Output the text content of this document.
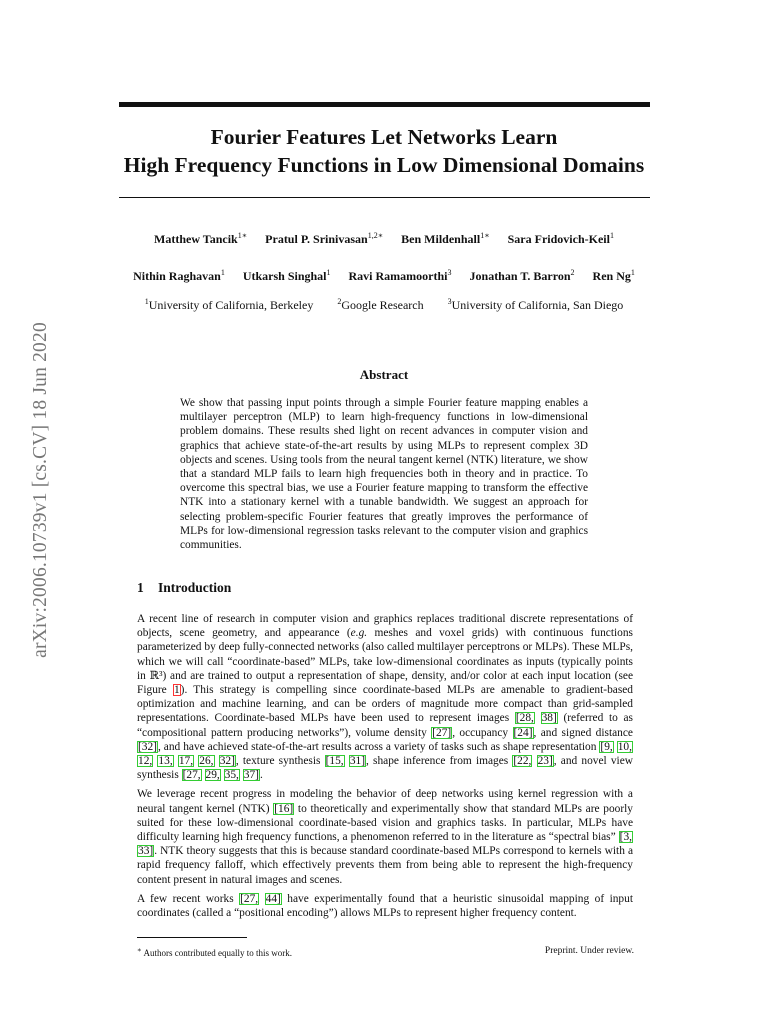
Fourier Features Let Networks Learn
High Frequency Functions in Low Dimensional Domains
Matthew Tancik$^{1∗}$ Pratul P. Srinivasan$^{1,2∗}$ Ben Mildenhall$^{1∗}$ Sara Fridovich-Keil$^1$
Nithin Raghavan$^1$ Utkarsh Singhal$^1$ Ravi Ramamoorthi$^3$ Jonathan T. Barron$^2$ Ren Ng$^1$
$^1$University of California, Berkeley	$^2$Google Research	$^3$University of California, San Diego
Abstract
We show that passing input points through a simple Fourier feature mapping enables a multilayer perceptron (MLP) to learn high-frequency functions in low-dimensional problem domains. These results shed light on recent advances in computer vision and graphics that achieve state-of-the-art results by using MLPs to represent complex 3D objects and scenes. Using tools from the neural tangent kernel (NTK) literature, we show that a standard MLP fails to learn high frequencies both in theory and in practice. To overcome this spectral bias, we use a Fourier feature mapping to transform the effective NTK into a stationary kernel with a tunable bandwidth. We suggest an approach for selecting problem-specific Fourier features that greatly improves the performance of MLPs for low-dimensional regression tasks relevant to the computer vision and graphics communities.
1 Introduction

A recent line of research in computer vision and graphics replaces traditional discrete representations of objects, scene geometry, and appearance (e.g. meshes and voxel grids) with continuous functions parameterized by deep fully-connected networks (also called multilayer perceptrons or MLPs). These MLPs, which we will call “coordinate-based” MLPs, take low-dimensional coordinates as inputs (typically points in ℝ³) and are trained to output a representation of shape, density, and/or color at each input location (see Figure 1). This strategy is compelling since coordinate-based MLPs are amenable to gradient-based optimization and machine learning, and can be orders of magnitude more compact than grid-sampled representations. Coordinate-based MLPs have been used to represent images [28, 38] (referred to as “compositional pattern producing networks”), volume density [27], occupancy [24], and signed distance [32], and have achieved state-of-the-art results across a variety of tasks such as shape representation [9, 10, 12, 13, 17, 26, 32], texture synthesis [15, 31], shape inference from images [22, 23], and novel view synthesis [27, 29, 35, 37].

We leverage recent progress in modeling the behavior of deep networks using kernel regression with a neural tangent kernel (NTK) [16] to theoretically and experimentally show that standard MLPs are poorly suited for these low-dimensional coordinate-based vision and graphics tasks. In particular, MLPs have difficulty learning high frequency functions, a phenomenon referred to in the literature as “spectral bias” [3, 33]. NTK theory suggests that this is because standard coordinate-based MLPs correspond to kernels with a rapid frequency falloff, which effectively prevents them from being able to represent the high-frequency content present in natural images and scenes.

A few recent works [27, 44] have experimentally found that a heuristic sinusoidal mapping of input coordinates (called a “positional encoding”) allows MLPs to represent higher frequency content.

∗ Authors contributed equally to this work.	Preprint. Under review.
arXiv:2006.10739v1 [cs.CV] 18 Jun 2020
